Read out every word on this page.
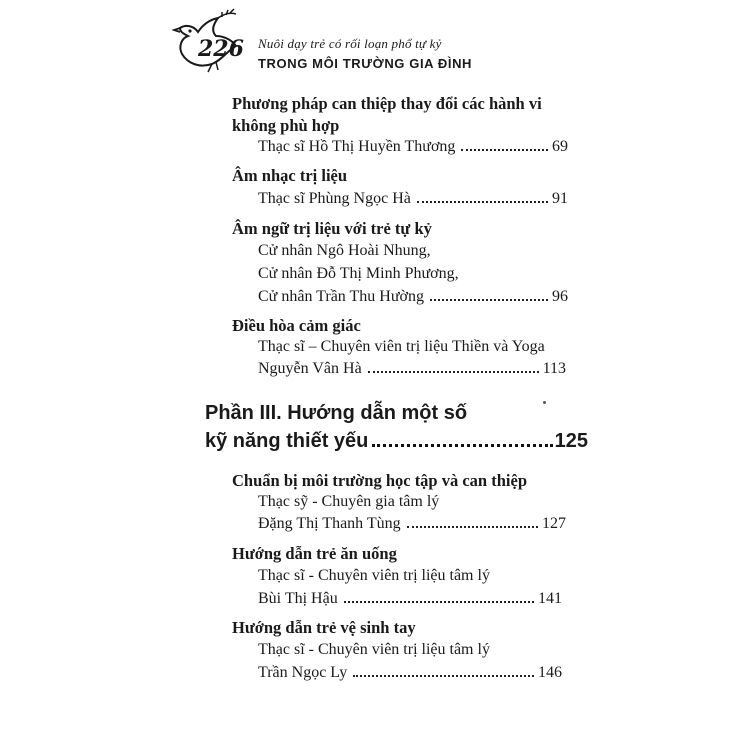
226 Nuôi dạy trẻ có rối loạn phổ tự kỷ
TRONG MÔI TRƯỜNG GIA ĐÌNH
Phương pháp can thiệp thay đổi các hành vi
không phù hợp
Thạc sĩ Hồ Thị Huyền Thương	69
Âm nhạc trị liệu
Thạc sĩ Phùng Ngọc Hà	91
Âm ngữ trị liệu với trẻ tự kỷ
Cử nhân Ngô Hoài Nhung,
Cử nhân Đỗ Thị Minh Phương,
Cử nhân Trần Thu Hường	96
Điều hòa cảm giác
Thạc sĩ – Chuyên viên trị liệu Thiền và Yoga
Nguyễn Vân Hà	113
Phần III. Hướng dẫn một số
kỹ năng thiết yếu	125
Chuẩn bị môi trường học tập và can thiệp
Thạc sỹ - Chuyên gia tâm lý
Đặng Thị Thanh Tùng	127
Hướng dẫn trẻ ăn uống
Thạc sĩ - Chuyên viên trị liệu tâm lý
Bùi Thị Hậu	141
Hướng dẫn trẻ vệ sinh tay
Thạc sĩ - Chuyên viên trị liệu tâm lý
Trần Ngọc Ly	146
